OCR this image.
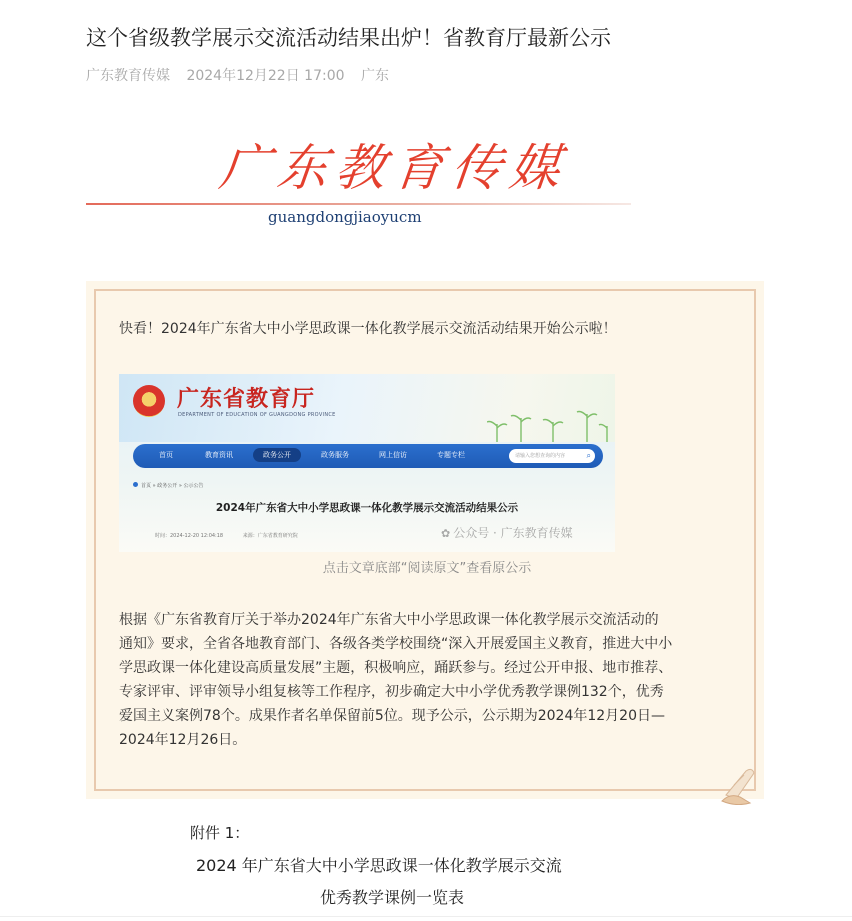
这个省级教学展示交流活动结果出炉！省教育厅最新公示
广东教育传媒 2024年12月22日 17:00 广东
广东教育传媒
guangdongjiaoyucm
快看！2024年广东省大中小学思政课一体化教学展示交流活动结果开始公示啦！
广东省教育厅
DEPARTMENT OF EDUCATION OF GUANGDONG PROVINCE
首页	教育资讯	政务公开	政务服务	网上信访	专题专栏	请输入您想查询的内容	⌕
首页 » 政务公开 » 公示公告
2024年广东省大中小学思政课一体化教学展示交流活动结果公示
时间：2024-12-20 12:04:18	来源：广东省教育研究院	✿ 公众号 · 广东教育传媒
点击文章底部“阅读原文”查看原公示

根据《广东省教育厅关于举办2024年广东省大中小学思政课一体化教学展示交流活动的

通知》要求，全省各地教育部门、各级各类学校围绕“深入开展爱国主义教育，推进大中小

学思政课一体化建设高质量发展”主题，积极响应，踊跃参与。经过公开申报、地市推荐、

专家评审、评审领导小组复核等工作程序，初步确定大中小学优秀教学课例132个，优秀

爱国主义案例78个。成果作者名单保留前5位。现予公示，公示期为2024年12月20日—

2024年12月26日。

附件 1：
2024 年广东省大中小学思政课一体化教学展示交流
优秀教学课例一览表
